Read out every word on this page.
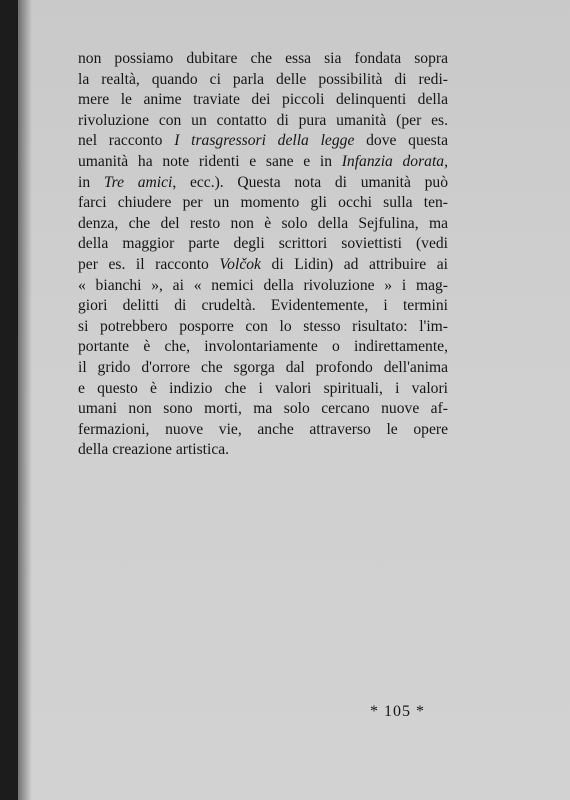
non possiamo dubitare che essa sia fondata sopra
la realtà, quando ci parla delle possibilità di redi-
mere le anime traviate dei piccoli delinquenti della
rivoluzione con un contatto di pura umanità (per es.
nel racconto I trasgressori della legge dove questa
umanità ha note ridenti e sane e in Infanzia dorata,
in Tre amici, ecc.). Questa nota di umanità può
farci chiudere per un momento gli occhi sulla ten-
denza, che del resto non è solo della Sejfulina, ma
della maggior parte degli scrittori soviettisti (vedi
per es. il racconto Volčok di Lidin) ad attribuire ai
« bianchi », ai « nemici della rivoluzione » i mag-
giori delitti di crudeltà. Evidentemente, i termini
si potrebbero posporre con lo stesso risultato: l'im-
portante è che, involontariamente o indirettamente,
il grido d'orrore che sgorga dal profondo dell'anima
e questo è indizio che i valori spirituali, i valori
umani non sono morti, ma solo cercano nuove af-
fermazioni, nuove vie, anche attraverso le opere
della creazione artistica.
* 105 *
